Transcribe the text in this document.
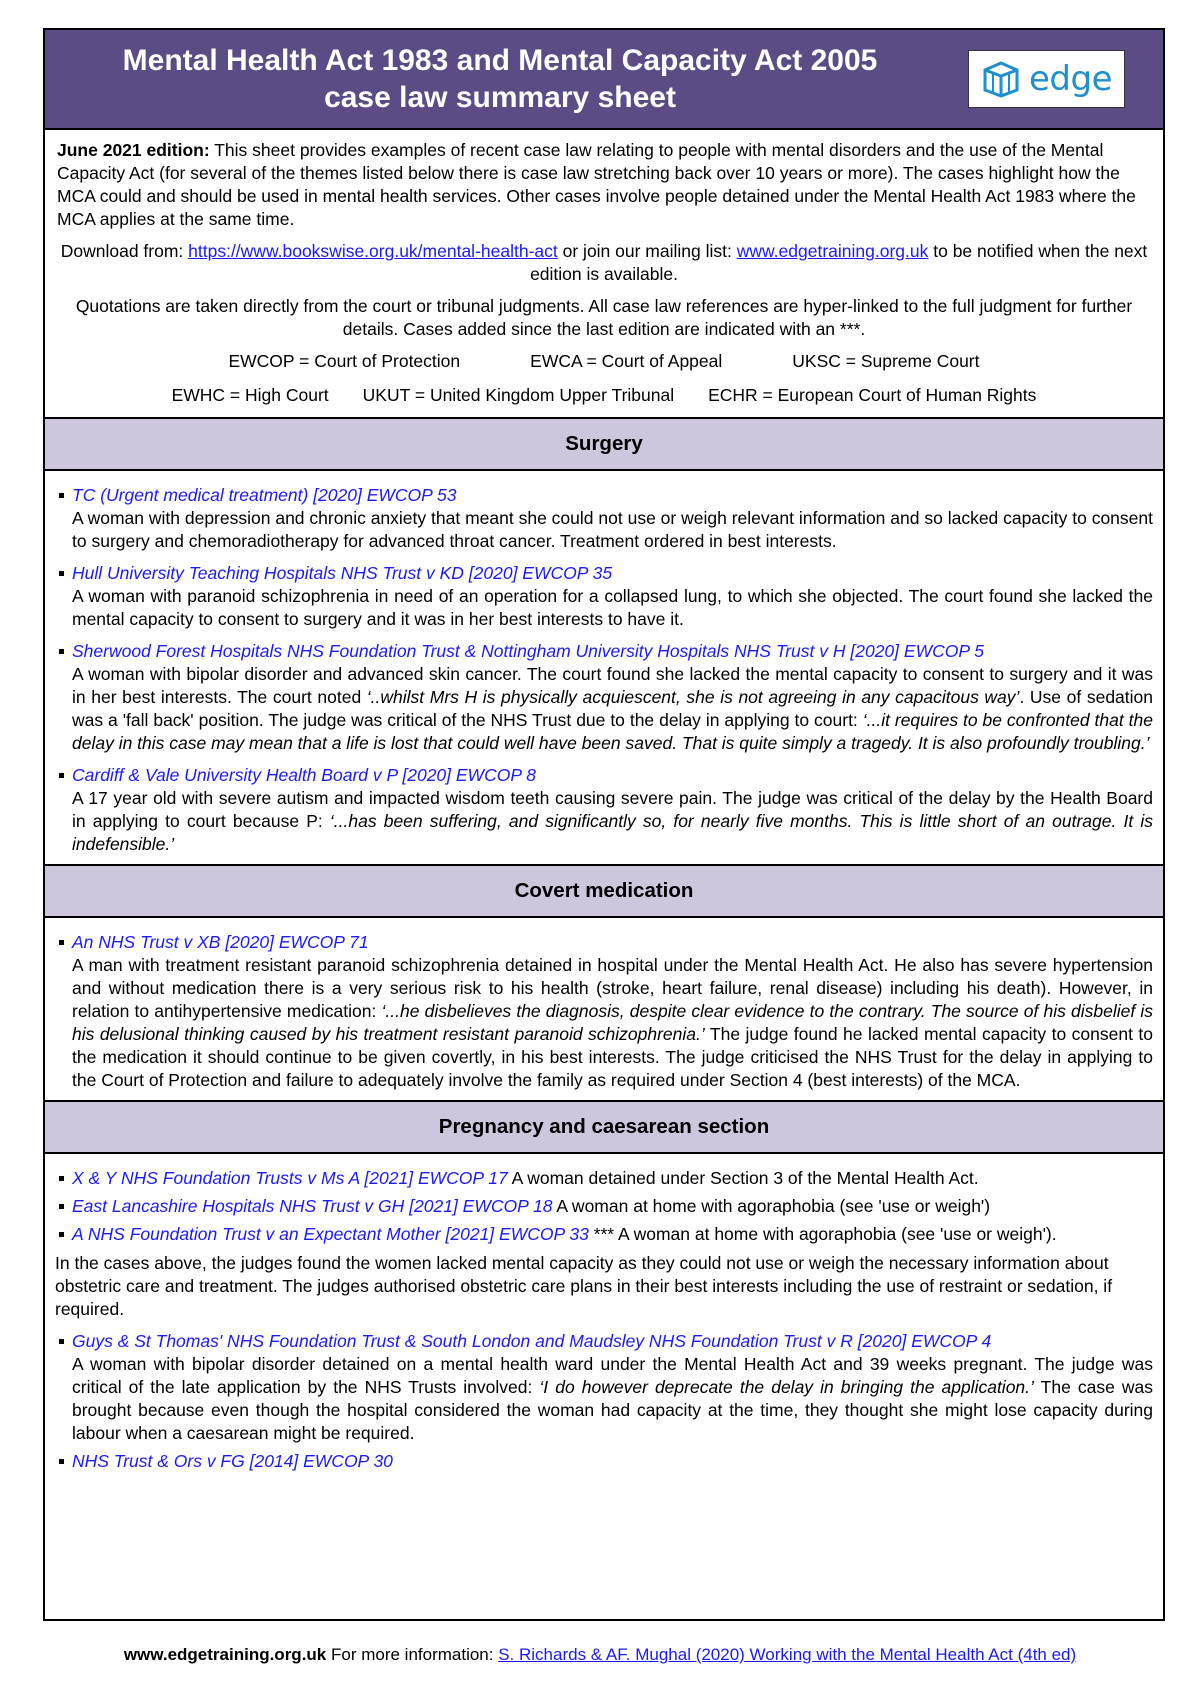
Mental Health Act 1983 and Mental Capacity Act 2005
case law summary sheet	edge

June 2021 edition: This sheet provides examples of recent case law relating to people with mental disorders and the use of the Mental Capacity Act (for several of the themes listed below there is case law stretching back over 10 years or more). The cases highlight how the MCA could and should be used in mental health services. Other cases involve people detained under the Mental Health Act 1983 where the MCA applies at the same time.

Download from: https://www.bookswise.org.uk/mental-health-act or join our mailing list: www.edgetraining.org.uk to be notified when the next edition is available.

Quotations are taken directly from the court or tribunal judgments. All case law references are hyper-linked to the full judgment for further details. Cases added since the last edition are indicated with an ***.

EWCOP = Court of Protection	EWCA = Court of Appeal	UKSC = Supreme Court
EWHC = High Court UKUT = United Kingdom Upper Tribunal ECHR = European Court of Human Rights
Surgery
TC (Urgent medical treatment) [2020] EWCOP 53
A woman with depression and chronic anxiety that meant she could not use or weigh relevant information and so lacked capacity to consent to surgery and chemoradiotherapy for advanced throat cancer. Treatment ordered in best interests.
Hull University Teaching Hospitals NHS Trust v KD [2020] EWCOP 35
A woman with paranoid schizophrenia in need of an operation for a collapsed lung, to which she objected. The court found she lacked the mental capacity to consent to surgery and it was in her best interests to have it.
Sherwood Forest Hospitals NHS Foundation Trust & Nottingham University Hospitals NHS Trust v H [2020] EWCOP 5
A woman with bipolar disorder and advanced skin cancer. The court found she lacked the mental capacity to consent to surgery and it was in her best interests. The court noted ‘..whilst Mrs H is physically acquiescent, she is not agreeing in any capacitous way’. Use of sedation was a 'fall back' position. The judge was critical of the NHS Trust due to the delay in applying to court: ‘...it requires to be confronted that the delay in this case may mean that a life is lost that could well have been saved. That is quite simply a tragedy. It is also profoundly troubling.’
Cardiff & Vale University Health Board v P [2020] EWCOP 8
A 17 year old with severe autism and impacted wisdom teeth causing severe pain. The judge was critical of the delay by the Health Board in applying to court because P: ‘...has been suffering, and significantly so, for nearly five months. This is little short of an outrage. It is indefensible.’
Covert medication
An NHS Trust v XB [2020] EWCOP 71
A man with treatment resistant paranoid schizophrenia detained in hospital under the Mental Health Act. He also has severe hypertension and without medication there is a very serious risk to his health (stroke, heart failure, renal disease) including his death). However, in relation to antihypertensive medication: ‘...he disbelieves the diagnosis, despite clear evidence to the contrary. The source of his disbelief is his delusional thinking caused by his treatment resistant paranoid schizophrenia.’ The judge found he lacked mental capacity to consent to the medication it should continue to be given covertly, in his best interests. The judge criticised the NHS Trust for the delay in applying to the Court of Protection and failure to adequately involve the family as required under Section 4 (best interests) of the MCA.
Pregnancy and caesarean section
X & Y NHS Foundation Trusts v Ms A [2021] EWCOP 17 A woman detained under Section 3 of the Mental Health Act.
East Lancashire Hospitals NHS Trust v GH [2021] EWCOP 18 A woman at home with agoraphobia (see 'use or weigh')
A NHS Foundation Trust v an Expectant Mother [2021] EWCOP 33 *** A woman at home with agoraphobia (see 'use or weigh').

In the cases above, the judges found the women lacked mental capacity as they could not use or weigh the necessary information about obstetric care and treatment. The judges authorised obstetric care plans in their best interests including the use of restraint or sedation, if required.

Guys & St Thomas' NHS Foundation Trust & South London and Maudsley NHS Foundation Trust v R [2020] EWCOP 4
A woman with bipolar disorder detained on a mental health ward under the Mental Health Act and 39 weeks pregnant. The judge was critical of the late application by the NHS Trusts involved: ‘I do however deprecate the delay in bringing the application.’ The case was brought because even though the hospital considered the woman had capacity at the time, they thought she might lose capacity during labour when a caesarean might be required.
NHS Trust & Ors v FG [2014] EWCOP 30
www.edgetraining.org.uk For more information: S. Richards & AF. Mughal (2020) Working with the Mental Health Act (4th ed)
